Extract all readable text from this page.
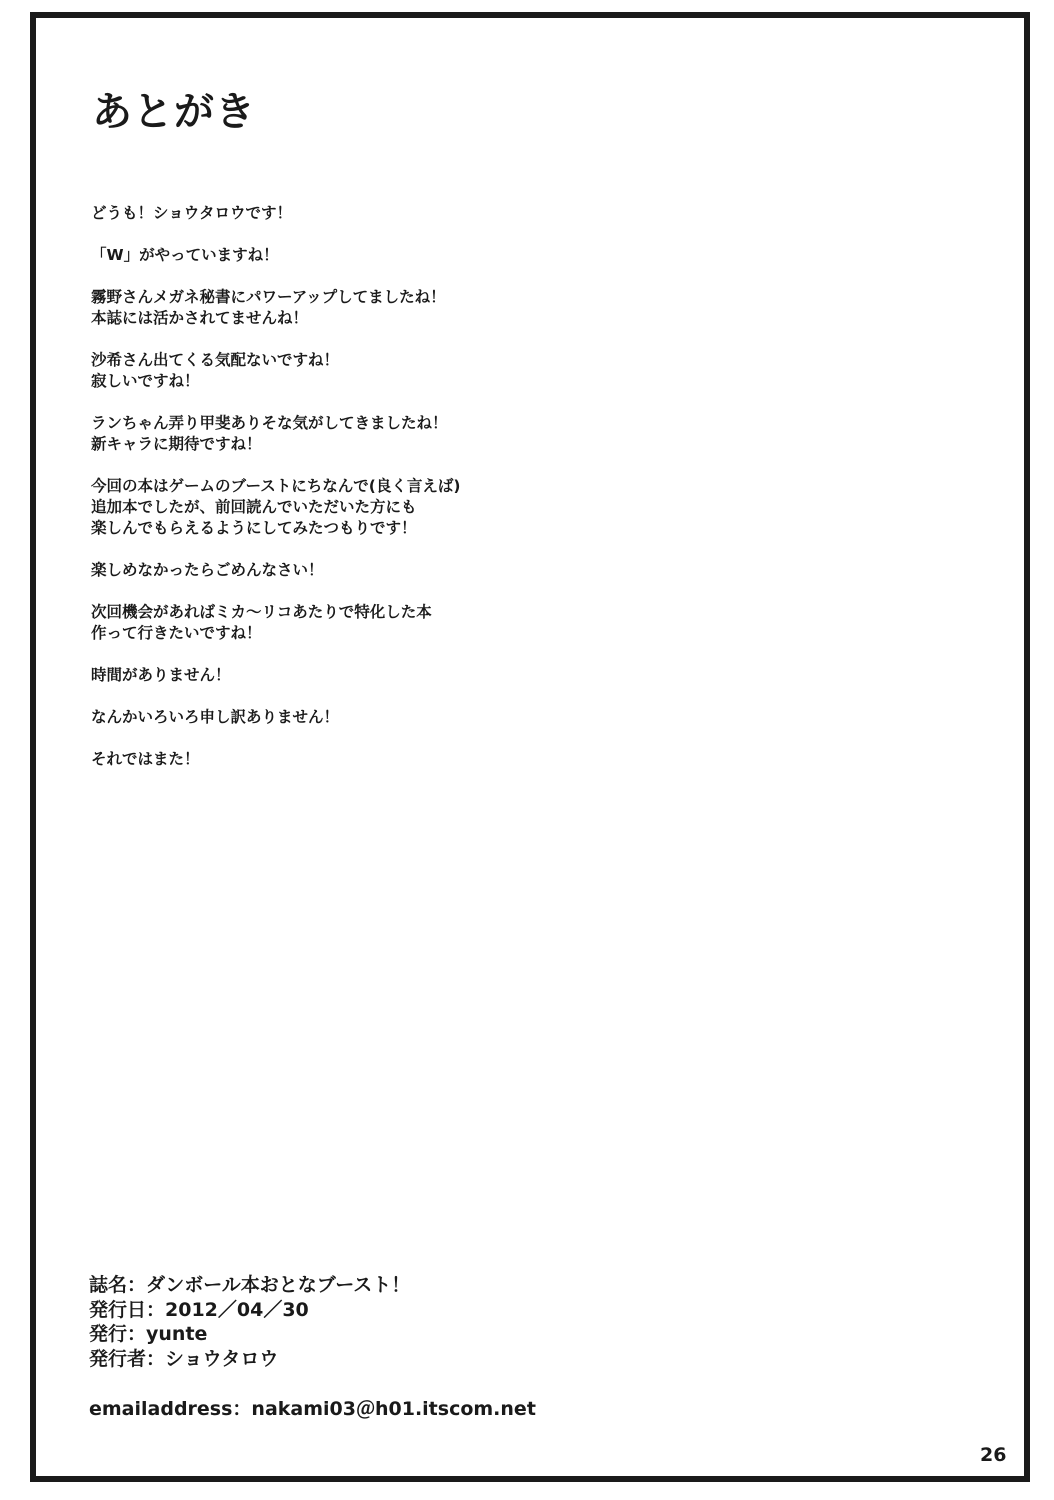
あとがき

どうも！ショウタロウです！

「W」がやっていますね！

霧野さんメガネ秘書にパワーアップしてましたね！
本誌には活かされてませんね！

沙希さん出てくる気配ないですね！
寂しいですね！

ランちゃん弄り甲斐ありそな気がしてきましたね！
新キャラに期待ですね！

今回の本はゲームのブーストにちなんで(良く言えば)
追加本でしたが、前回読んでいただいた方にも
楽しんでもらえるようにしてみたつもりです！

楽しめなかったらごめんなさい！

次回機会があればミカ～リコあたりで特化した本
作って行きたいですね！

時間がありません！

なんかいろいろ申し訳ありません！

それではまた！

誌名：ダンボール本おとなブースト！
発行日：2012／04／30
発行：yunte
発行者：ショウタロウ
emailaddress：nakami03＠h01.itscom.net
26
